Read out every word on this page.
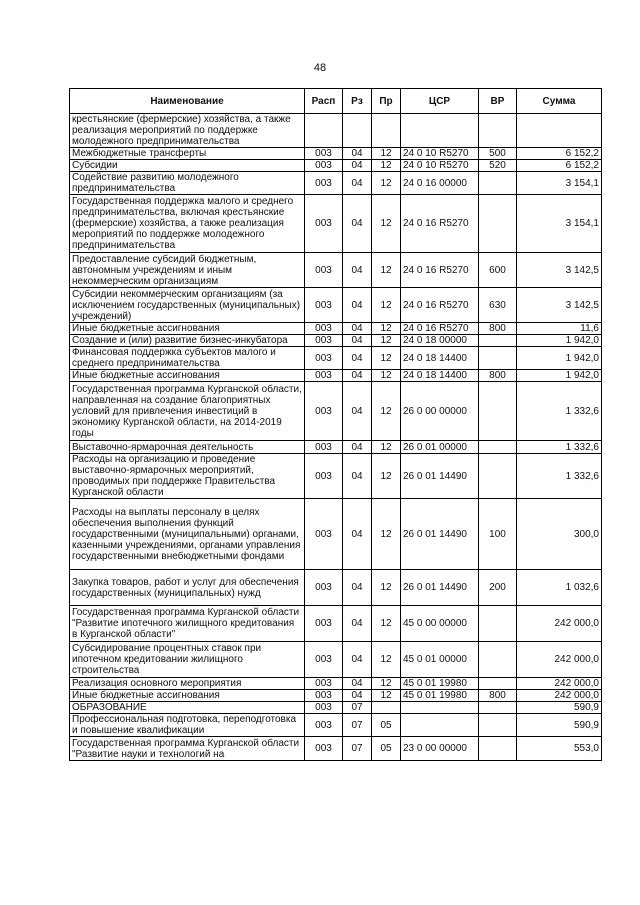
48
Наименование	Расп	Рз	Пр	ЦСР	ВР	Сумма
крестьянские (фермерские) хозяйства, а также реализация мероприятий по поддержке молодежного предпринимательства						
Межбюджетные трансферты	003	04	12	24 0 10 R5270	500	6 152,2
Субсидии	003	04	12	24 0 10 R5270	520	6 152,2
Содействие развитию молодежного предпринимательства	003	04	12	24 0 16 00000		3 154,1
Государственная поддержка малого и среднего предпринимательства, включая крестьянские (фермерские) хозяйства, а также реализация мероприятий по поддержке молодежного предпринимательства	003	04	12	24 0 16 R5270		3 154,1
Предоставление субсидий бюджетным, автономным учреждениям и иным некоммерческим организациям	003	04	12	24 0 16 R5270	600	3 142,5
Субсидии некоммерческим организациям (за исключением государственных (муниципальных) учреждений)	003	04	12	24 0 16 R5270	630	3 142,5
Иные бюджетные ассигнования	003	04	12	24 0 16 R5270	800	11,6
Создание и (или) развитие бизнес-инкубатора	003	04	12	24 0 18 00000		1 942,0
Финансовая поддержка субъектов малого и среднего предпринимательства	003	04	12	24 0 18 14400		1 942,0
Иные бюджетные ассигнования	003	04	12	24 0 18 14400	800	1 942,0
Государственная программа Курганской области, направленная на создание благоприятных условий для привлечения инвестиций в экономику Курганской области, на 2014-2019 годы	003	04	12	26 0 00 00000		1 332,6
Выставочно-ярмарочная деятельность	003	04	12	26 0 01 00000		1 332,6
Расходы на организацию и проведение выставочно-ярмарочных мероприятий, проводимых при поддержке Правительства Курганской области	003	04	12	26 0 01 14490		1 332,6
Расходы на выплаты персоналу в целях обеспечения выполнения функций государственными (муниципальными) органами, казенными учреждениями, органами управления государственными внебюджетными фондами	003	04	12	26 0 01 14490	100	300,0
Закупка товаров, работ и услуг для обеспечения государственных (муниципальных) нужд	003	04	12	26 0 01 14490	200	1 032,6
Государственная программа Курганской области "Развитие ипотечного жилищного кредитования в Курганской области"	003	04	12	45 0 00 00000		242 000,0
Субсидирование процентных ставок при ипотечном кредитовании жилищного строительства	003	04	12	45 0 01 00000		242 000,0
Реализация основного мероприятия	003	04	12	45 0 01 19980		242 000,0
Иные бюджетные ассигнования	003	04	12	45 0 01 19980	800	242 000,0
ОБРАЗОВАНИЕ	003	07				590,9
Профессиональная подготовка, переподготовка и повышение квалификации	003	07	05			590,9
Государственная программа Курганской области "Развитие науки и технологий на	003	07	05	23 0 00 00000		553,0
